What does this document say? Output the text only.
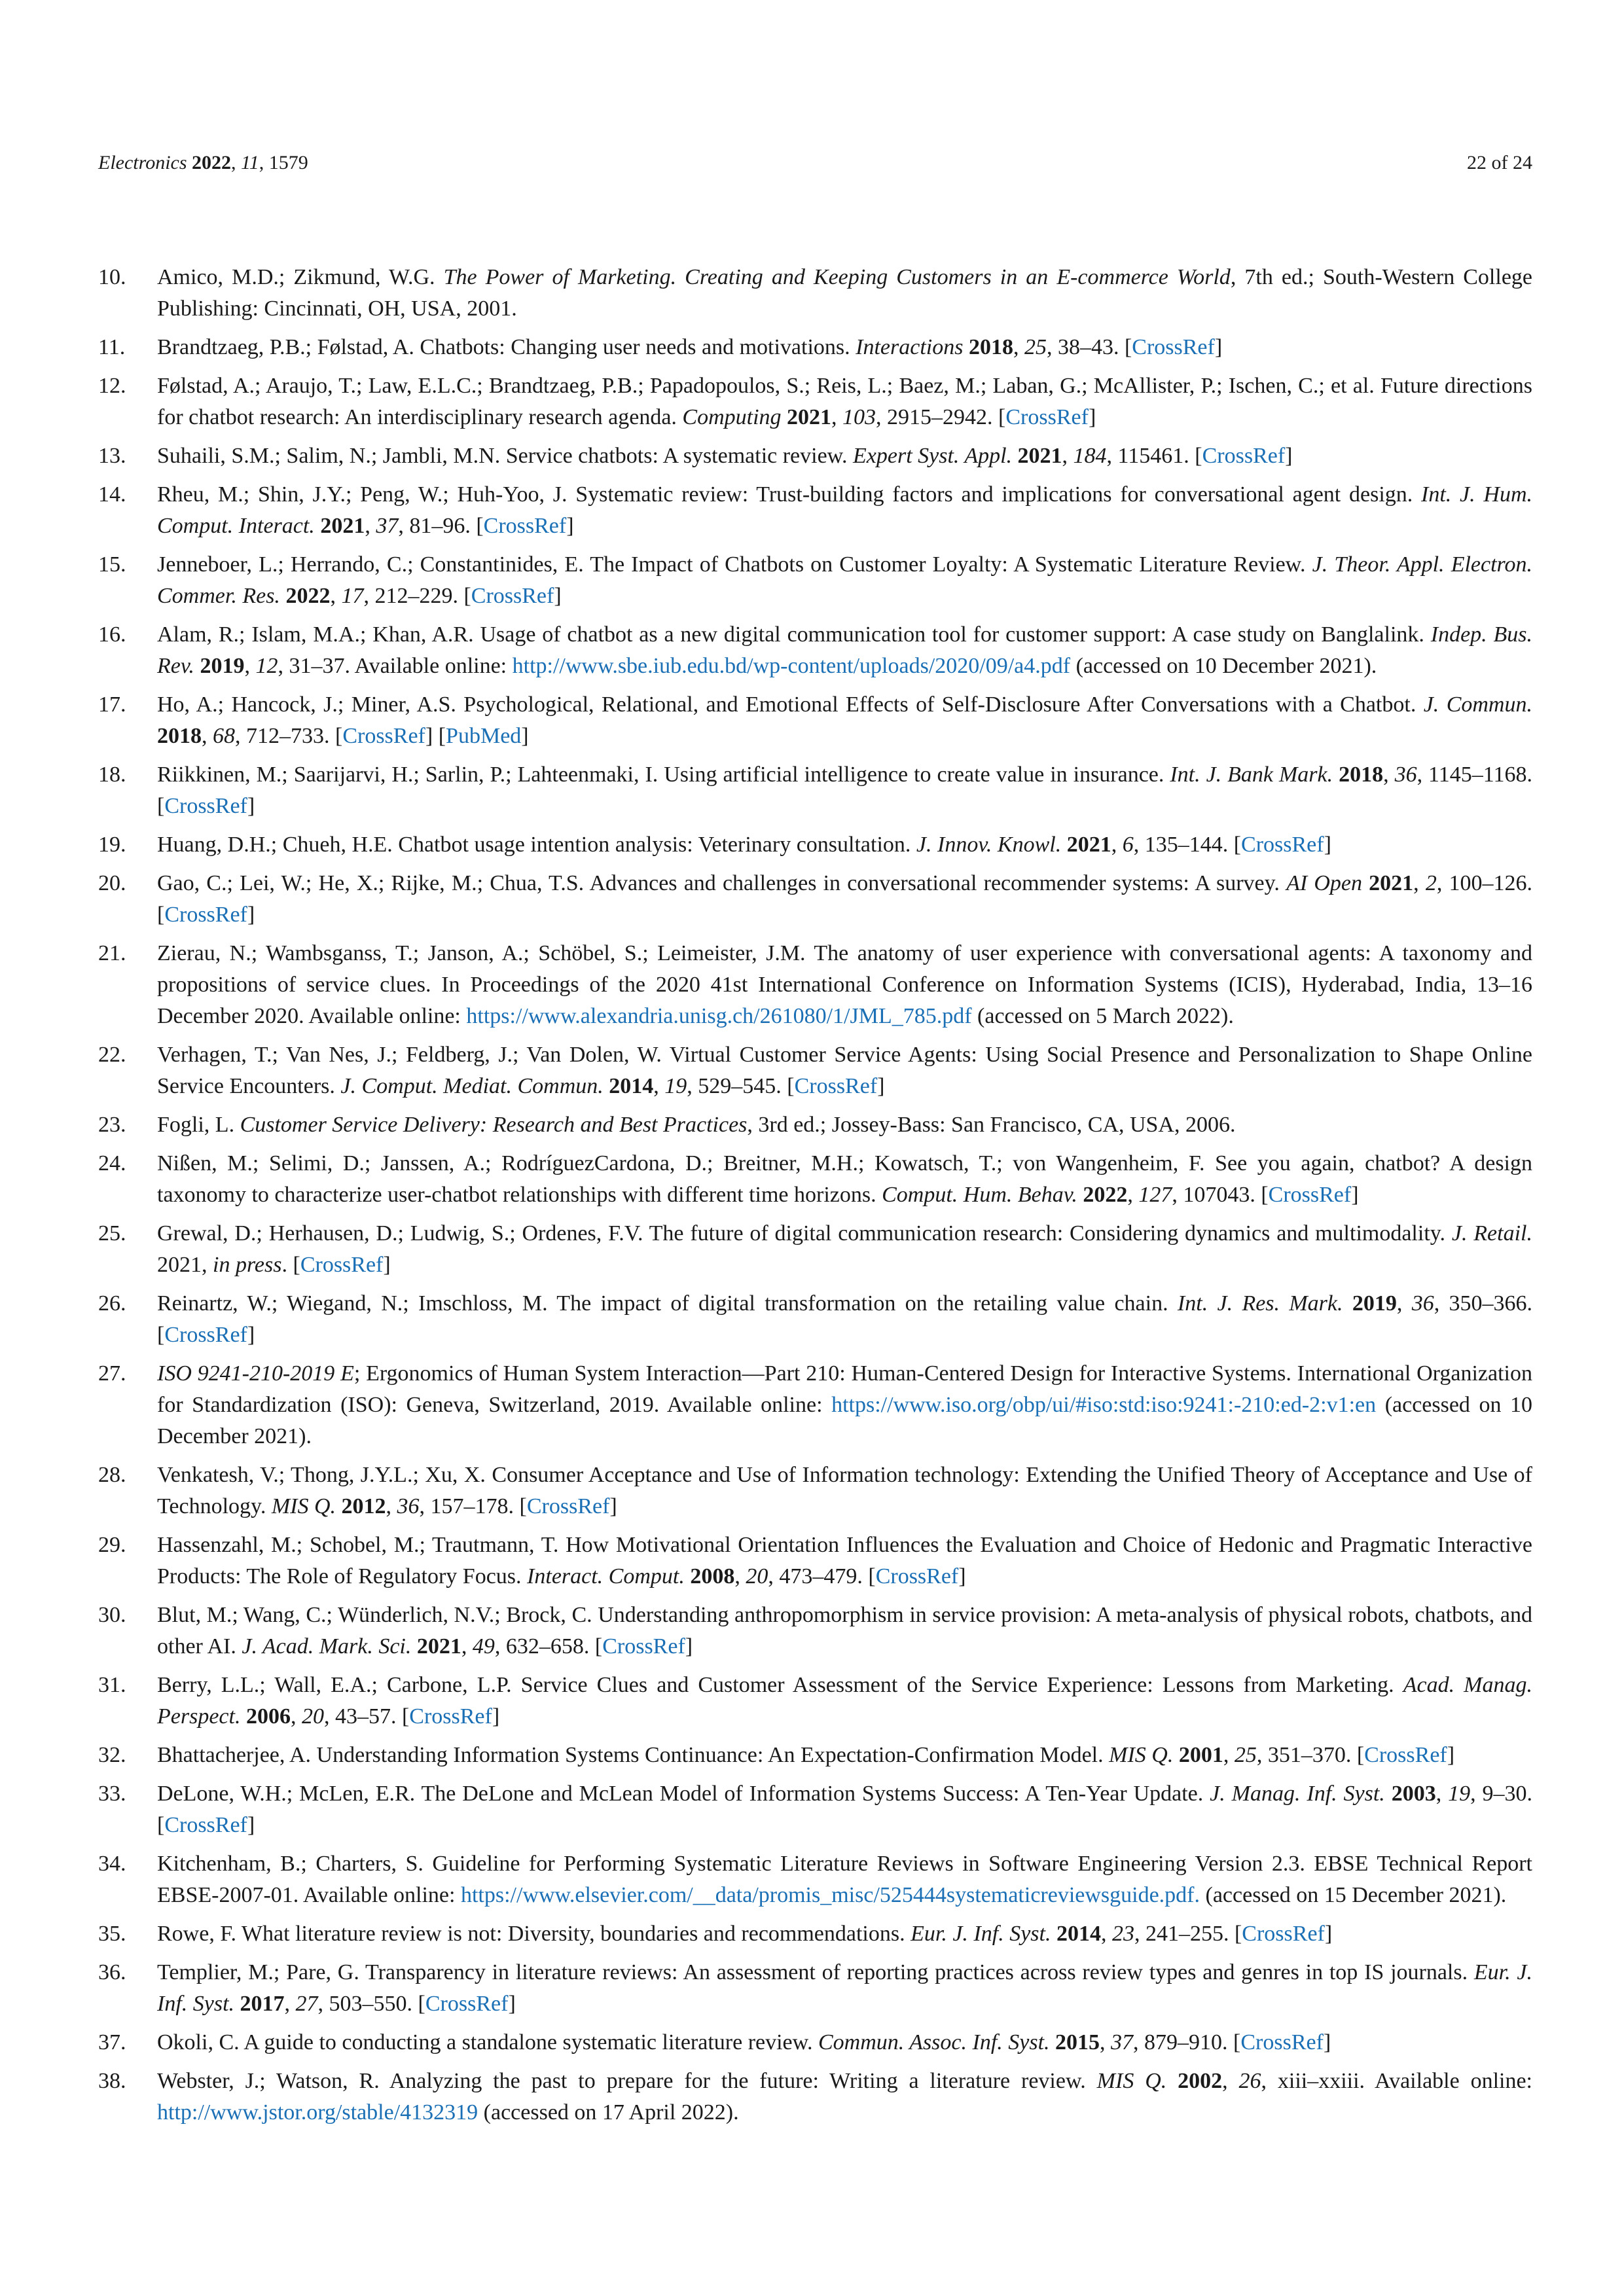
Electronics 2022, 11, 1579	22 of 24
10. Amico, M.D.; Zikmund, W.G. The Power of Marketing. Creating and Keeping Customers in an E-commerce World, 7th ed.; South-Western College Publishing: Cincinnati, OH, USA, 2001.
11. Brandtzaeg, P.B.; Følstad, A. Chatbots: Changing user needs and motivations. Interactions 2018, 25, 38–43. [CrossRef]
12. Følstad, A.; Araujo, T.; Law, E.L.C.; Brandtzaeg, P.B.; Papadopoulos, S.; Reis, L.; Baez, M.; Laban, G.; McAllister, P.; Ischen, C.; et al. Future directions for chatbot research: An interdisciplinary research agenda. Computing 2021, 103, 2915–2942. [CrossRef]
13. Suhaili, S.M.; Salim, N.; Jambli, M.N. Service chatbots: A systematic review. Expert Syst. Appl. 2021, 184, 115461. [CrossRef]
14. Rheu, M.; Shin, J.Y.; Peng, W.; Huh-Yoo, J. Systematic review: Trust-building factors and implications for conversational agent design. Int. J. Hum. Comput. Interact. 2021, 37, 81–96. [CrossRef]
15. Jenneboer, L.; Herrando, C.; Constantinides, E. The Impact of Chatbots on Customer Loyalty: A Systematic Literature Review. J. Theor. Appl. Electron. Commer. Res. 2022, 17, 212–229. [CrossRef]
16. Alam, R.; Islam, M.A.; Khan, A.R. Usage of chatbot as a new digital communication tool for customer support: A case study on Banglalink. Indep. Bus. Rev. 2019, 12, 31–37. Available online: http://www.sbe.iub.edu.bd/wp-content/uploads/2020/09/a4.pdf (accessed on 10 December 2021).
17. Ho, A.; Hancock, J.; Miner, A.S. Psychological, Relational, and Emotional Effects of Self-Disclosure After Conversations with a Chatbot. J. Commun. 2018, 68, 712–733. [CrossRef] [PubMed]
18. Riikkinen, M.; Saarijarvi, H.; Sarlin, P.; Lahteenmaki, I. Using artificial intelligence to create value in insurance. Int. J. Bank Mark. 2018, 36, 1145–1168. [CrossRef]
19. Huang, D.H.; Chueh, H.E. Chatbot usage intention analysis: Veterinary consultation. J. Innov. Knowl. 2021, 6, 135–144. [CrossRef]
20. Gao, C.; Lei, W.; He, X.; Rijke, M.; Chua, T.S. Advances and challenges in conversational recommender systems: A survey. AI Open 2021, 2, 100–126. [CrossRef]
21. Zierau, N.; Wambsganss, T.; Janson, A.; Schöbel, S.; Leimeister, J.M. The anatomy of user experience with conversational agents: A taxonomy and propositions of service clues. In Proceedings of the 2020 41st International Conference on Information Systems (ICIS), Hyderabad, India, 13–16 December 2020. Available online: https://www.alexandria.unisg.ch/261080/1/JML_785.pdf (accessed on 5 March 2022).
22. Verhagen, T.; Van Nes, J.; Feldberg, J.; Van Dolen, W. Virtual Customer Service Agents: Using Social Presence and Personalization to Shape Online Service Encounters. J. Comput. Mediat. Commun. 2014, 19, 529–545. [CrossRef]
23. Fogli, L. Customer Service Delivery: Research and Best Practices, 3rd ed.; Jossey-Bass: San Francisco, CA, USA, 2006.
24. Nißen, M.; Selimi, D.; Janssen, A.; RodríguezCardona, D.; Breitner, M.H.; Kowatsch, T.; von Wangenheim, F. See you again, chatbot? A design taxonomy to characterize user-chatbot relationships with different time horizons. Comput. Hum. Behav. 2022, 127, 107043. [CrossRef]
25. Grewal, D.; Herhausen, D.; Ludwig, S.; Ordenes, F.V. The future of digital communication research: Considering dynamics and multimodality. J. Retail. 2021, in press. [CrossRef]
26. Reinartz, W.; Wiegand, N.; Imschloss, M. The impact of digital transformation on the retailing value chain. Int. J. Res. Mark. 2019, 36, 350–366. [CrossRef]
27. ISO 9241-210-2019 E; Ergonomics of Human System Interaction—Part 210: Human-Centered Design for Interactive Systems. International Organization for Standardization (ISO): Geneva, Switzerland, 2019. Available online: https://www.iso.org/obp/ui/#iso:std:iso:9241:-210:ed-2:v1:en (accessed on 10 December 2021).
28. Venkatesh, V.; Thong, J.Y.L.; Xu, X. Consumer Acceptance and Use of Information technology: Extending the Unified Theory of Acceptance and Use of Technology. MIS Q. 2012, 36, 157–178. [CrossRef]
29. Hassenzahl, M.; Schobel, M.; Trautmann, T. How Motivational Orientation Influences the Evaluation and Choice of Hedonic and Pragmatic Interactive Products: The Role of Regulatory Focus. Interact. Comput. 2008, 20, 473–479. [CrossRef]
30. Blut, M.; Wang, C.; Wünderlich, N.V.; Brock, C. Understanding anthropomorphism in service provision: A meta-analysis of physical robots, chatbots, and other AI. J. Acad. Mark. Sci. 2021, 49, 632–658. [CrossRef]
31. Berry, L.L.; Wall, E.A.; Carbone, L.P. Service Clues and Customer Assessment of the Service Experience: Lessons from Marketing. Acad. Manag. Perspect. 2006, 20, 43–57. [CrossRef]
32. Bhattacherjee, A. Understanding Information Systems Continuance: An Expectation-Confirmation Model. MIS Q. 2001, 25, 351–370. [CrossRef]
33. DeLone, W.H.; McLen, E.R. The DeLone and McLean Model of Information Systems Success: A Ten-Year Update. J. Manag. Inf. Syst. 2003, 19, 9–30. [CrossRef]
34. Kitchenham, B.; Charters, S. Guideline for Performing Systematic Literature Reviews in Software Engineering Version 2.3. EBSE Technical Report EBSE-2007-01. Available online: https://www.elsevier.com/__data/promis_misc/525444systematicreviewsguide.pdf. (accessed on 15 December 2021).
35. Rowe, F. What literature review is not: Diversity, boundaries and recommendations. Eur. J. Inf. Syst. 2014, 23, 241–255. [CrossRef]
36. Templier, M.; Pare, G. Transparency in literature reviews: An assessment of reporting practices across review types and genres in top IS journals. Eur. J. Inf. Syst. 2017, 27, 503–550. [CrossRef]
37. Okoli, C. A guide to conducting a standalone systematic literature review. Commun. Assoc. Inf. Syst. 2015, 37, 879–910. [CrossRef]
38. Webster, J.; Watson, R. Analyzing the past to prepare for the future: Writing a literature review. MIS Q. 2002, 26, xiii–xxiii. Available online: http://www.jstor.org/stable/4132319 (accessed on 17 April 2022).
